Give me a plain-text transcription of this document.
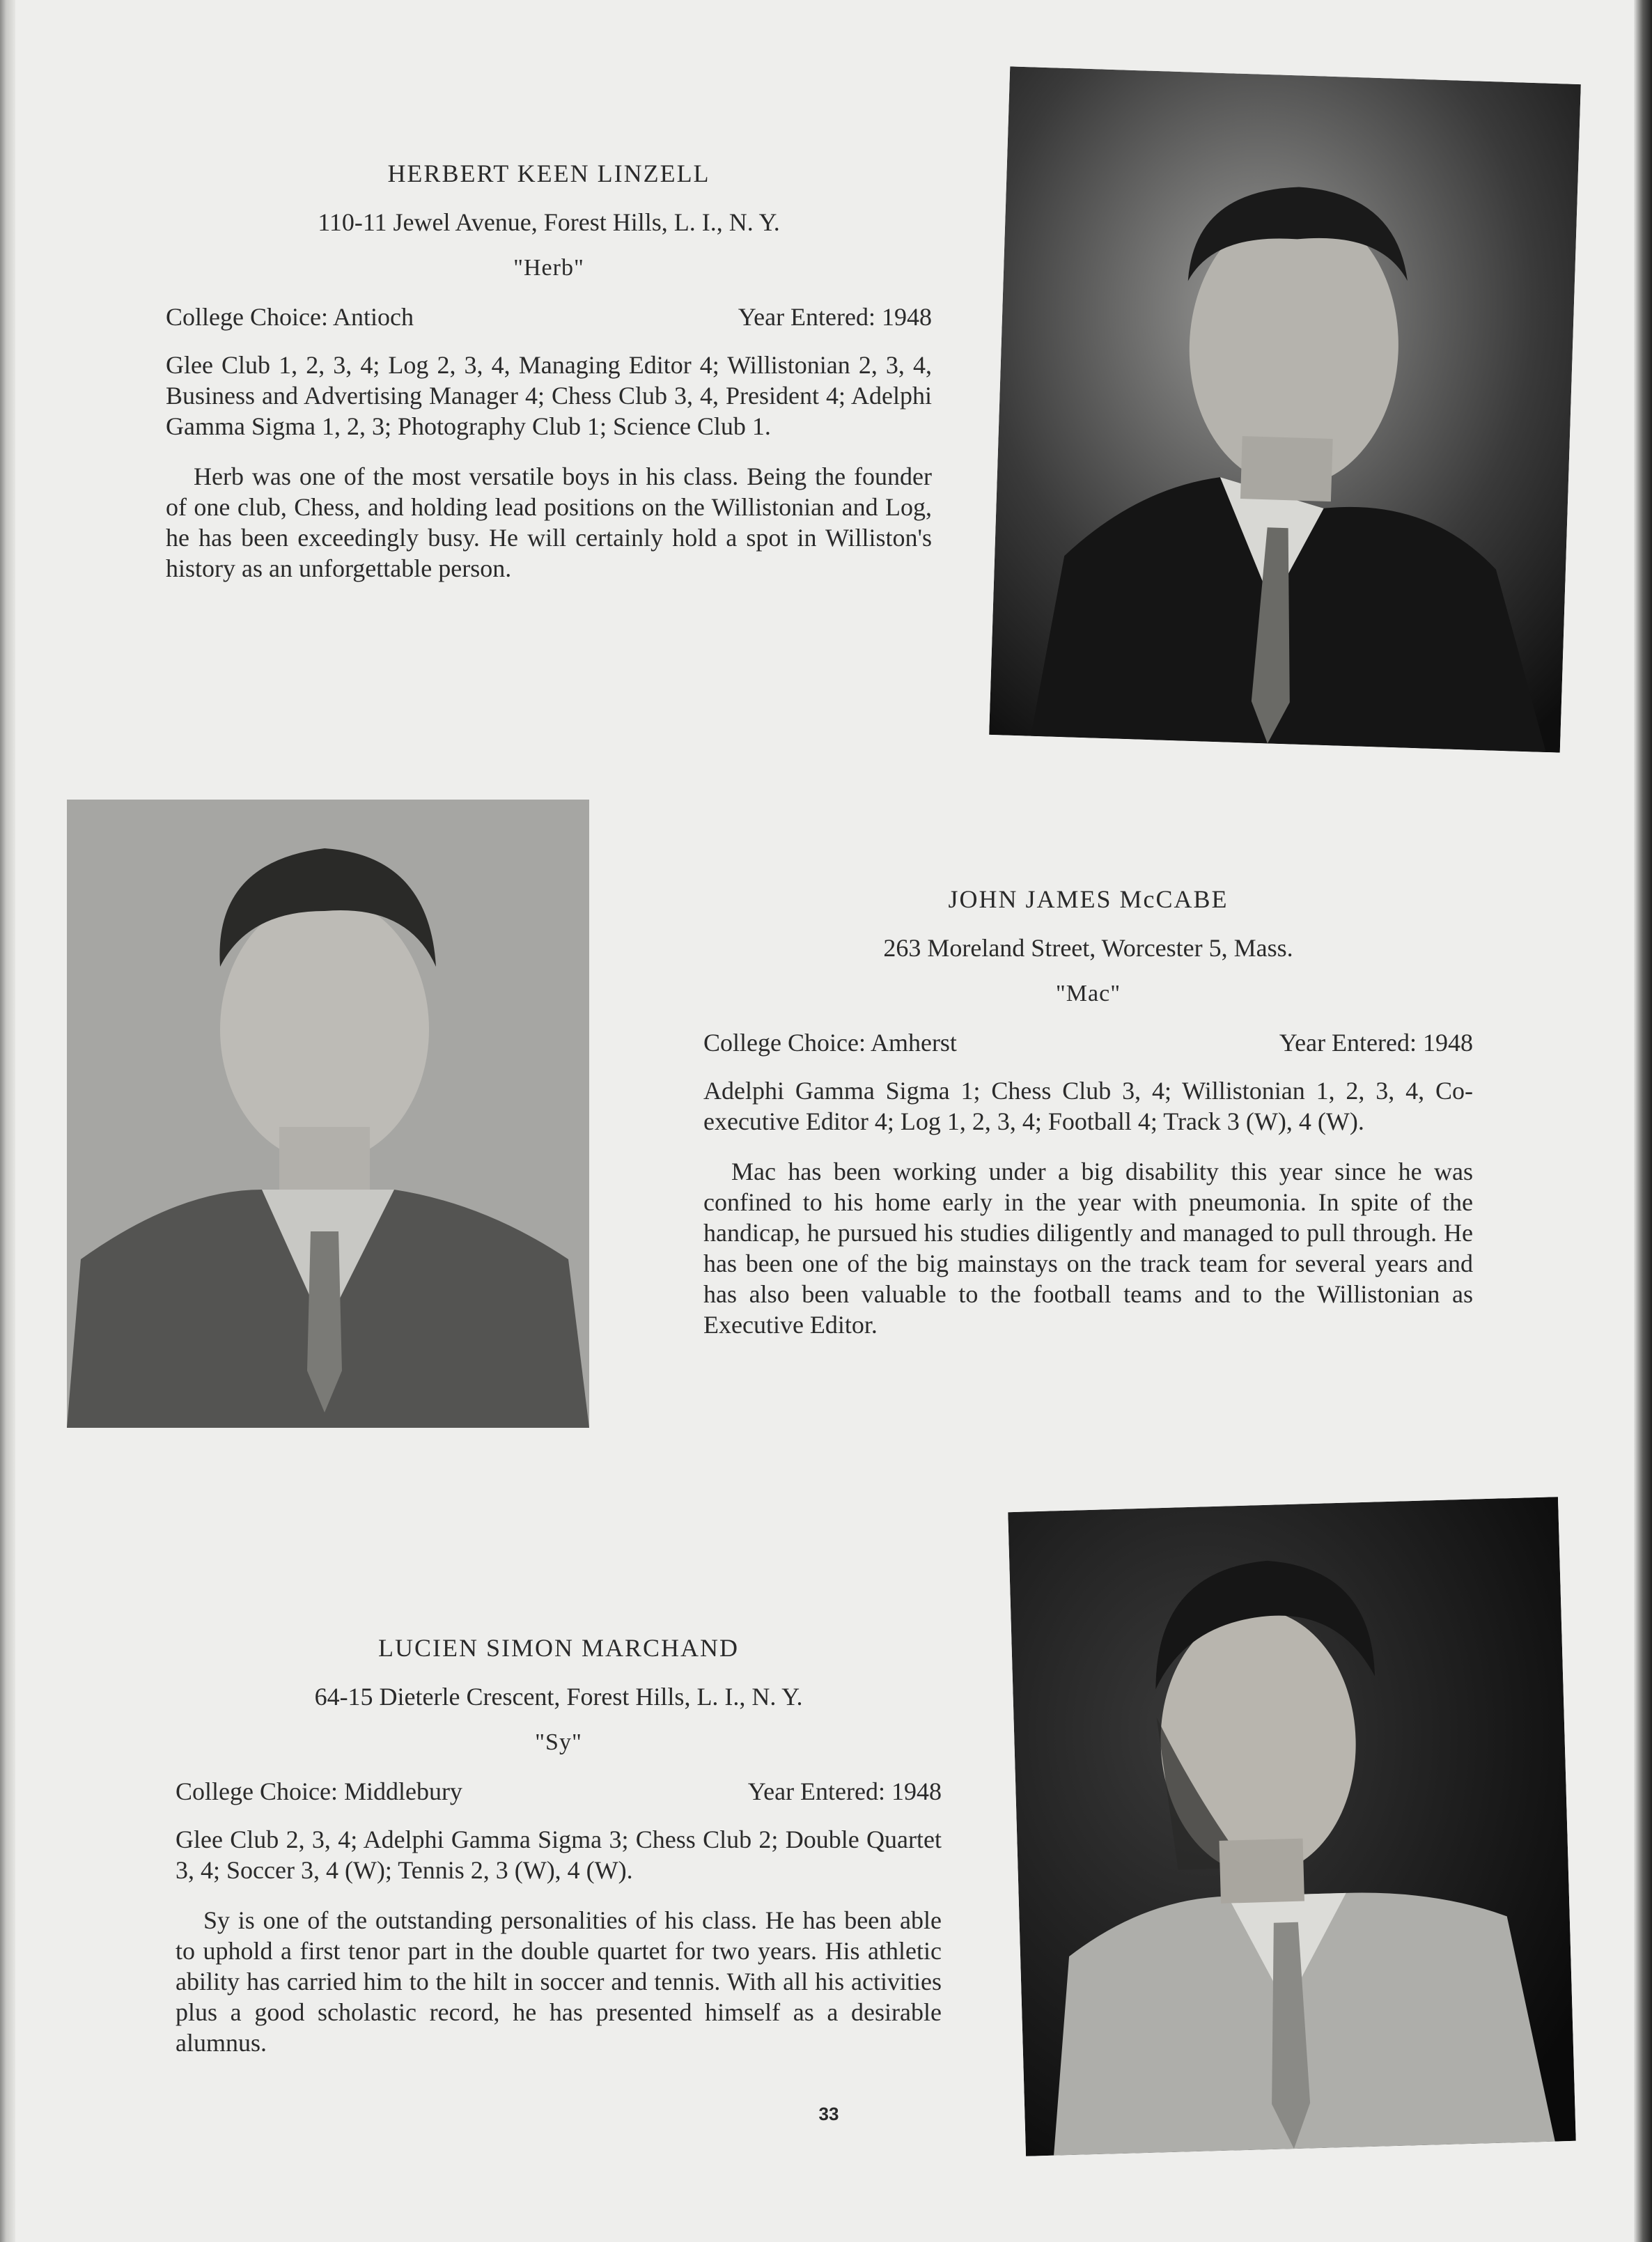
HERBERT KEEN LINZELL
110-11 Jewel Avenue, Forest Hills, L. I., N. Y.
"Herb"
College Choice: Antioch	Year Entered: 1948
Glee Club 1, 2, 3, 4; Log 2, 3, 4, Managing Editor 4; Willistonian 2, 3, 4, Business and Advertising Manager 4; Chess Club 3, 4, President 4; Adelphi Gamma Sigma 1, 2, 3; Photography Club 1; Science Club 1.
Herb was one of the most versatile boys in his class. Being the founder of one club, Chess, and holding lead positions on the Willistonian and Log, he has been exceedingly busy. He will certainly hold a spot in Williston's history as an unforgettable person.
JOHN JAMES McCABE
263 Moreland Street, Worcester 5, Mass.
"Mac"
College Choice: Amherst	Year Entered: 1948
Adelphi Gamma Sigma 1; Chess Club 3, 4; Willistonian 1, 2, 3, 4, Co-executive Editor 4; Log 1, 2, 3, 4; Football 4; Track 3 (W), 4 (W).
Mac has been working under a big disability this year since he was confined to his home early in the year with pneumonia. In spite of the handicap, he pursued his studies diligently and managed to pull through. He has been one of the big mainstays on the track team for several years and has also been valuable to the football teams and to the Willistonian as Executive Editor.
LUCIEN SIMON MARCHAND
64-15 Dieterle Crescent, Forest Hills, L. I., N. Y.
"Sy"
College Choice: Middlebury	Year Entered: 1948
Glee Club 2, 3, 4; Adelphi Gamma Sigma 3; Chess Club 2; Double Quartet 3, 4; Soccer 3, 4 (W); Tennis 2, 3 (W), 4 (W).
Sy is one of the outstanding personalities of his class. He has been able to uphold a first tenor part in the double quartet for two years. His athletic ability has carried him to the hilt in soccer and tennis. With all his activities plus a good scholastic record, he has presented himself as a desirable alumnus.
33
